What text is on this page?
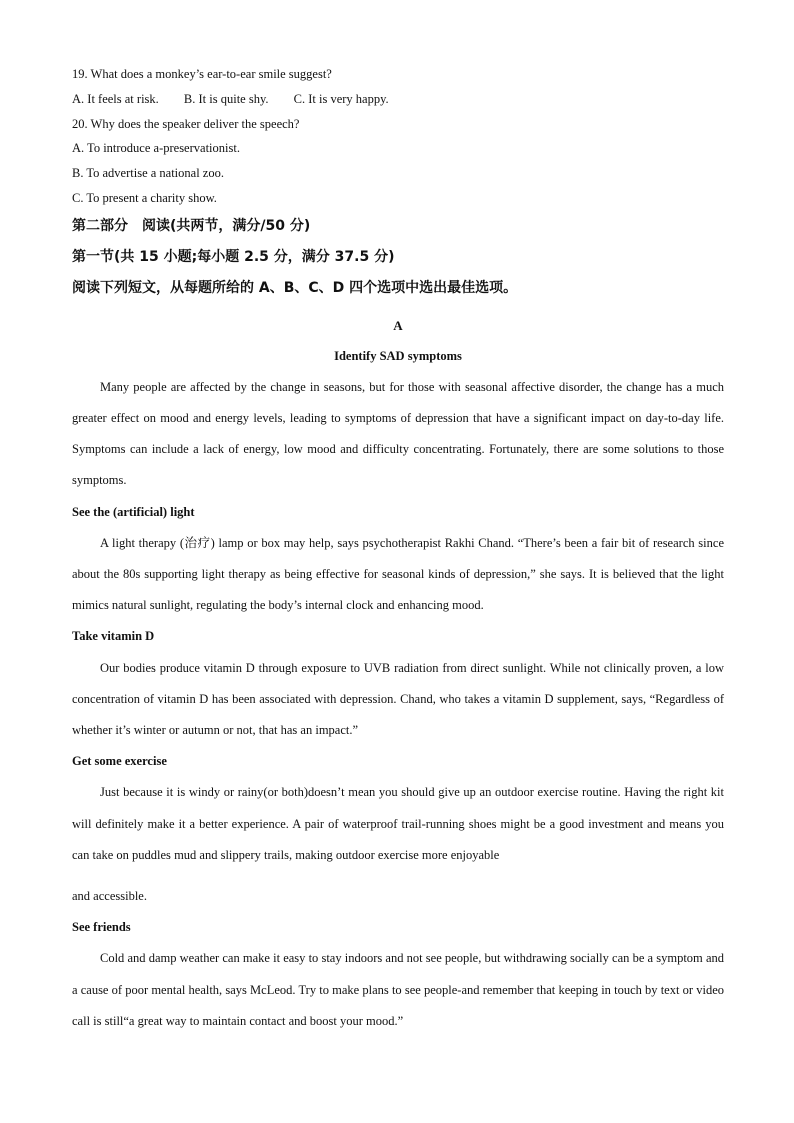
19. What does a monkey’s ear-to-ear smile suggest?
A. It feels at risk. B. It is quite shy. C. It is very happy.
20. Why does the speaker deliver the speech?
A. To introduce a-preservationist.
B. To advertise a national zoo.
C. To present a charity show.
第二部分　阅读(共两节，满分/50 分)
第一节(共 15 小题;每小题 2.5 分，满分 37.5 分)
阅读下列短文，从每题所给的 A、B、C、D 四个选项中选出最佳选项。
A
Identify SAD symptoms

Many people are affected by the change in seasons, but for those with seasonal affective disorder, the change has a much greater effect on mood and energy levels, leading to symptoms of depression that have a significant impact on day-to-day life. Symptoms can include a lack of energy, low mood and difficulty concentrating. Fortunately, there are some solutions to those symptoms.

See the (artificial) light

A light therapy (治疗) lamp or box may help, says psychotherapist Rakhi Chand. “There’s been a fair bit of research since about the 80s supporting light therapy as being effective for seasonal kinds of depression,” she says. It is believed that the light mimics natural sunlight, regulating the body’s internal clock and enhancing mood.

Take vitamin D

Our bodies produce vitamin D through exposure to UVB radiation from direct sunlight. While not clinically proven, a low concentration of vitamin D has been associated with depression. Chand, who takes a vitamin D supplement, says, “Regardless of whether it’s winter or autumn or not, that has an impact.”

Get some exercise

Just because it is windy or rainy(or both)doesn’t mean you should give up an outdoor exercise routine. Having the right kit will definitely make it a better experience. A pair of waterproof trail-running shoes might be a good investment and means you can take on puddles mud and slippery trails, making outdoor exercise more enjoyable

and accessible.
See friends

Cold and damp weather can make it easy to stay indoors and not see people, but withdrawing socially can be a symptom and a cause of poor mental health, says McLeod. Try to make plans to see people-and remember that keeping in touch by text or video call is still“a great way to maintain contact and boost your mood.”
